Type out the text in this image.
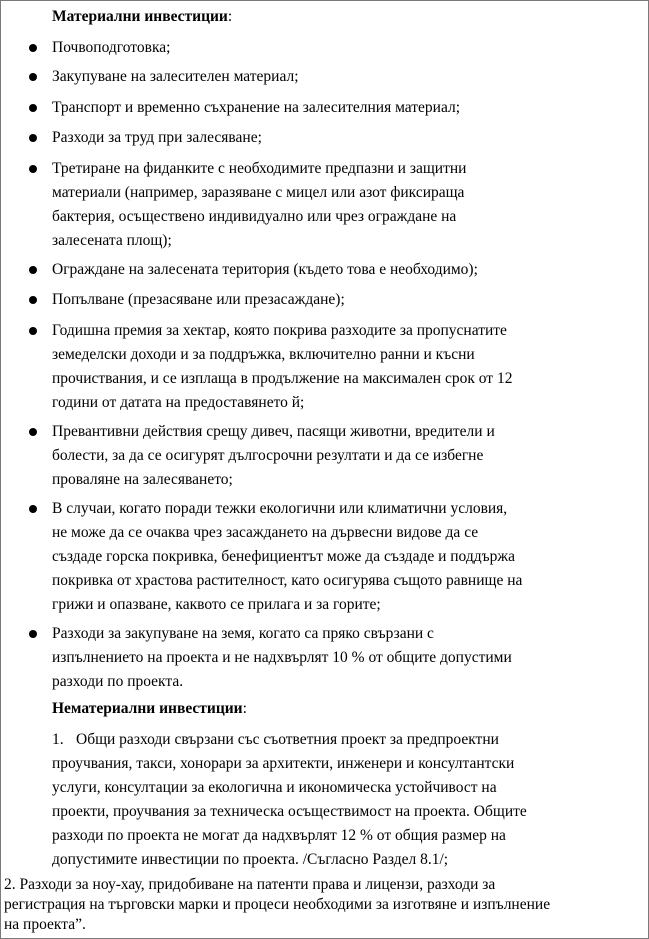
Материални инвестиции:
Почвоподготовка;
Закупуване на залесителен материал;
Транспорт и временно съхранение на залесителния материал;
Разходи за труд при залесяване;
Третиране на фиданките с необходимите предпазни и защитни
материали (например, заразяване с мицел или азот фиксираща
бактерия, осъществено индивидуално или чрез ограждане на
залесената площ);
Ограждане на залесената територия (където това е необходимо);
Попълване (презасяване или презасаждане);
Годишна премия за хектар, която покрива разходите за пропуснатите
земеделски доходи и за поддръжка, включително ранни и късни
прочиствания, и се изплаща в продължение на максимален срок от 12
години от датата на предоставянето й;
Превантивни действия срещу дивеч, пасящи животни, вредители и
болести, за да се осигурят дългосрочни резултати и да се избегне
проваляне на залесяването;
В случаи, когато поради тежки екологични или климатични условия,
не може да се очаква чрез засаждането на дървесни видове да се
създаде горска покривка, бенефициентът може да създаде и поддържа
покривка от храстова растителност, като осигурява същото равнище на
грижи и опазване, каквото се прилага и за горите;
Разходи за закупуване на земя, когато са пряко свързани с
изпълнението на проекта и не надхвърлят 10 % от общите допустими
разходи по проекта.
Нематериални инвестиции:
1. Общи разходи свързани със съответния проект за предпроектни
проучвания, такси, хонорари за архитекти, инженери и консултантски
услуги, консултации за екологична и икономическа устойчивост на
проекти, проучвания за техническа осъществимост на проекта. Общите
разходи по проекта не могат да надхвърлят 12 % от общия размер на
допустимите инвестиции по проекта. /Съгласно Раздел 8.1/;
2. Разходи за ноу-хау, придобиване на патенти права и лицензи, разходи за
регистрация на търговски марки и процеси необходими за изготвяне и изпълнение
на проекта”.
